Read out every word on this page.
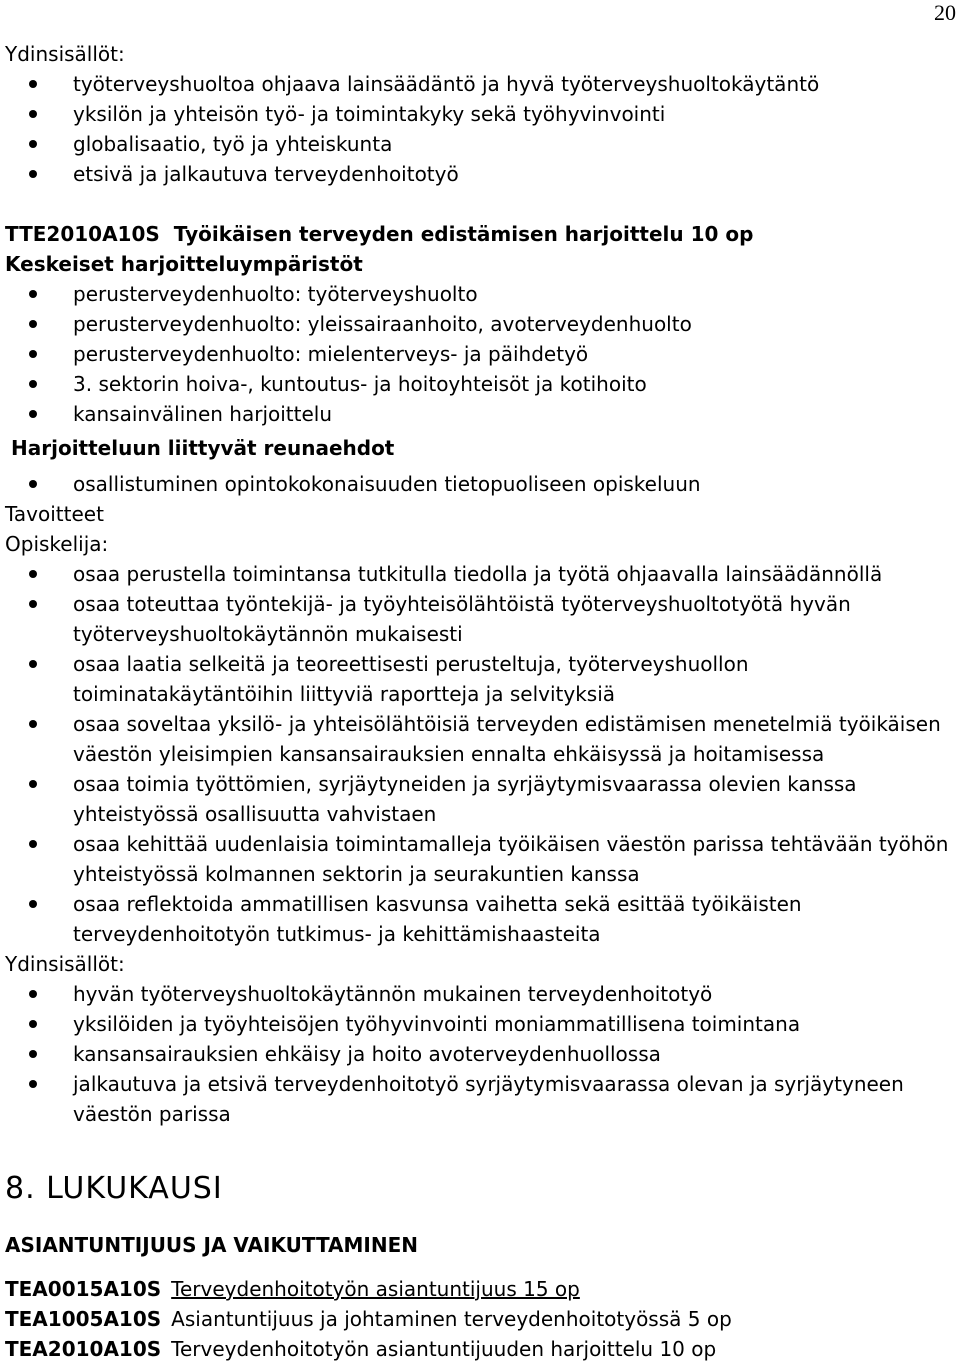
20
Ydinsisällöt:
työterveyshuoltoa ohjaava lainsäädäntö ja hyvä työterveyshuoltokäytäntö
yksilön ja yhteisön työ- ja toimintakyky sekä työhyvinvointi
globalisaatio, työ ja yhteiskunta
etsivä ja jalkautuva terveydenhoitotyö
TTE2010A10S Työikäisen terveyden edistämisen harjoittelu 10 op
Keskeiset harjoitteluympäristöt
perusterveydenhuolto: työterveyshuolto
perusterveydenhuolto: yleissairaanhoito, avoterveydenhuolto
perusterveydenhuolto: mielenterveys- ja päihdetyö
3. sektorin hoiva-, kuntoutus- ja hoitoyhteisöt ja kotihoito
kansainvälinen harjoittelu
Harjoitteluun liittyvät reunaehdot
osallistuminen opintokokonaisuuden tietopuoliseen opiskeluun
Tavoitteet
Opiskelija:
osaa perustella toimintansa tutkitulla tiedolla ja työtä ohjaavalla lainsäädännöllä
osaa toteuttaa työntekijä- ja työyhteisölähtöistä työterveyshuoltotyötä hyvän työterveyshuoltokäytännön mukaisesti
osaa laatia selkeitä ja teoreettisesti perusteltuja, työterveyshuollon toiminatakäytäntöihin liittyviä raportteja ja selvityksiä
osaa soveltaa yksilö- ja yhteisölähtöisiä terveyden edistämisen menetelmiä työikäisen väestön yleisimpien kansansairauksien ennalta ehkäisyssä ja hoitamisessa
osaa toimia työttömien, syrjäytyneiden ja syrjäytymisvaarassa olevien kanssa yhteistyössä osallisuutta vahvistaen
osaa kehittää uudenlaisia toimintamalleja työikäisen väestön parissa tehtävään työhön yhteistyössä kolmannen sektorin ja seurakuntien kanssa
osaa reflektoida ammatillisen kasvunsa vaihetta sekä esittää työikäisten terveydenhoitotyön tutkimus- ja kehittämishaasteita
Ydinsisällöt:
hyvän työterveyshuoltokäytännön mukainen terveydenhoitotyö
yksilöiden ja työyhteisöjen työhyvinvointi moniammatillisena toimintana
kansansairauksien ehkäisy ja hoito avoterveydenhuollossa
jalkautuva ja etsivä terveydenhoitotyö syrjäytymisvaarassa olevan ja syrjäytyneen väestön parissa
8. LUKUKAUSI
ASIANTUNTIJUUS JA VAIKUTTAMINEN
TEA0015A10S Terveydenhoitotyön asiantuntijuus 15 op
TEA1005A10S Asiantuntijuus ja johtaminen terveydenhoitotyössä 5 op
TEA2010A10S Terveydenhoitotyön asiantuntijuuden harjoittelu 10 op
